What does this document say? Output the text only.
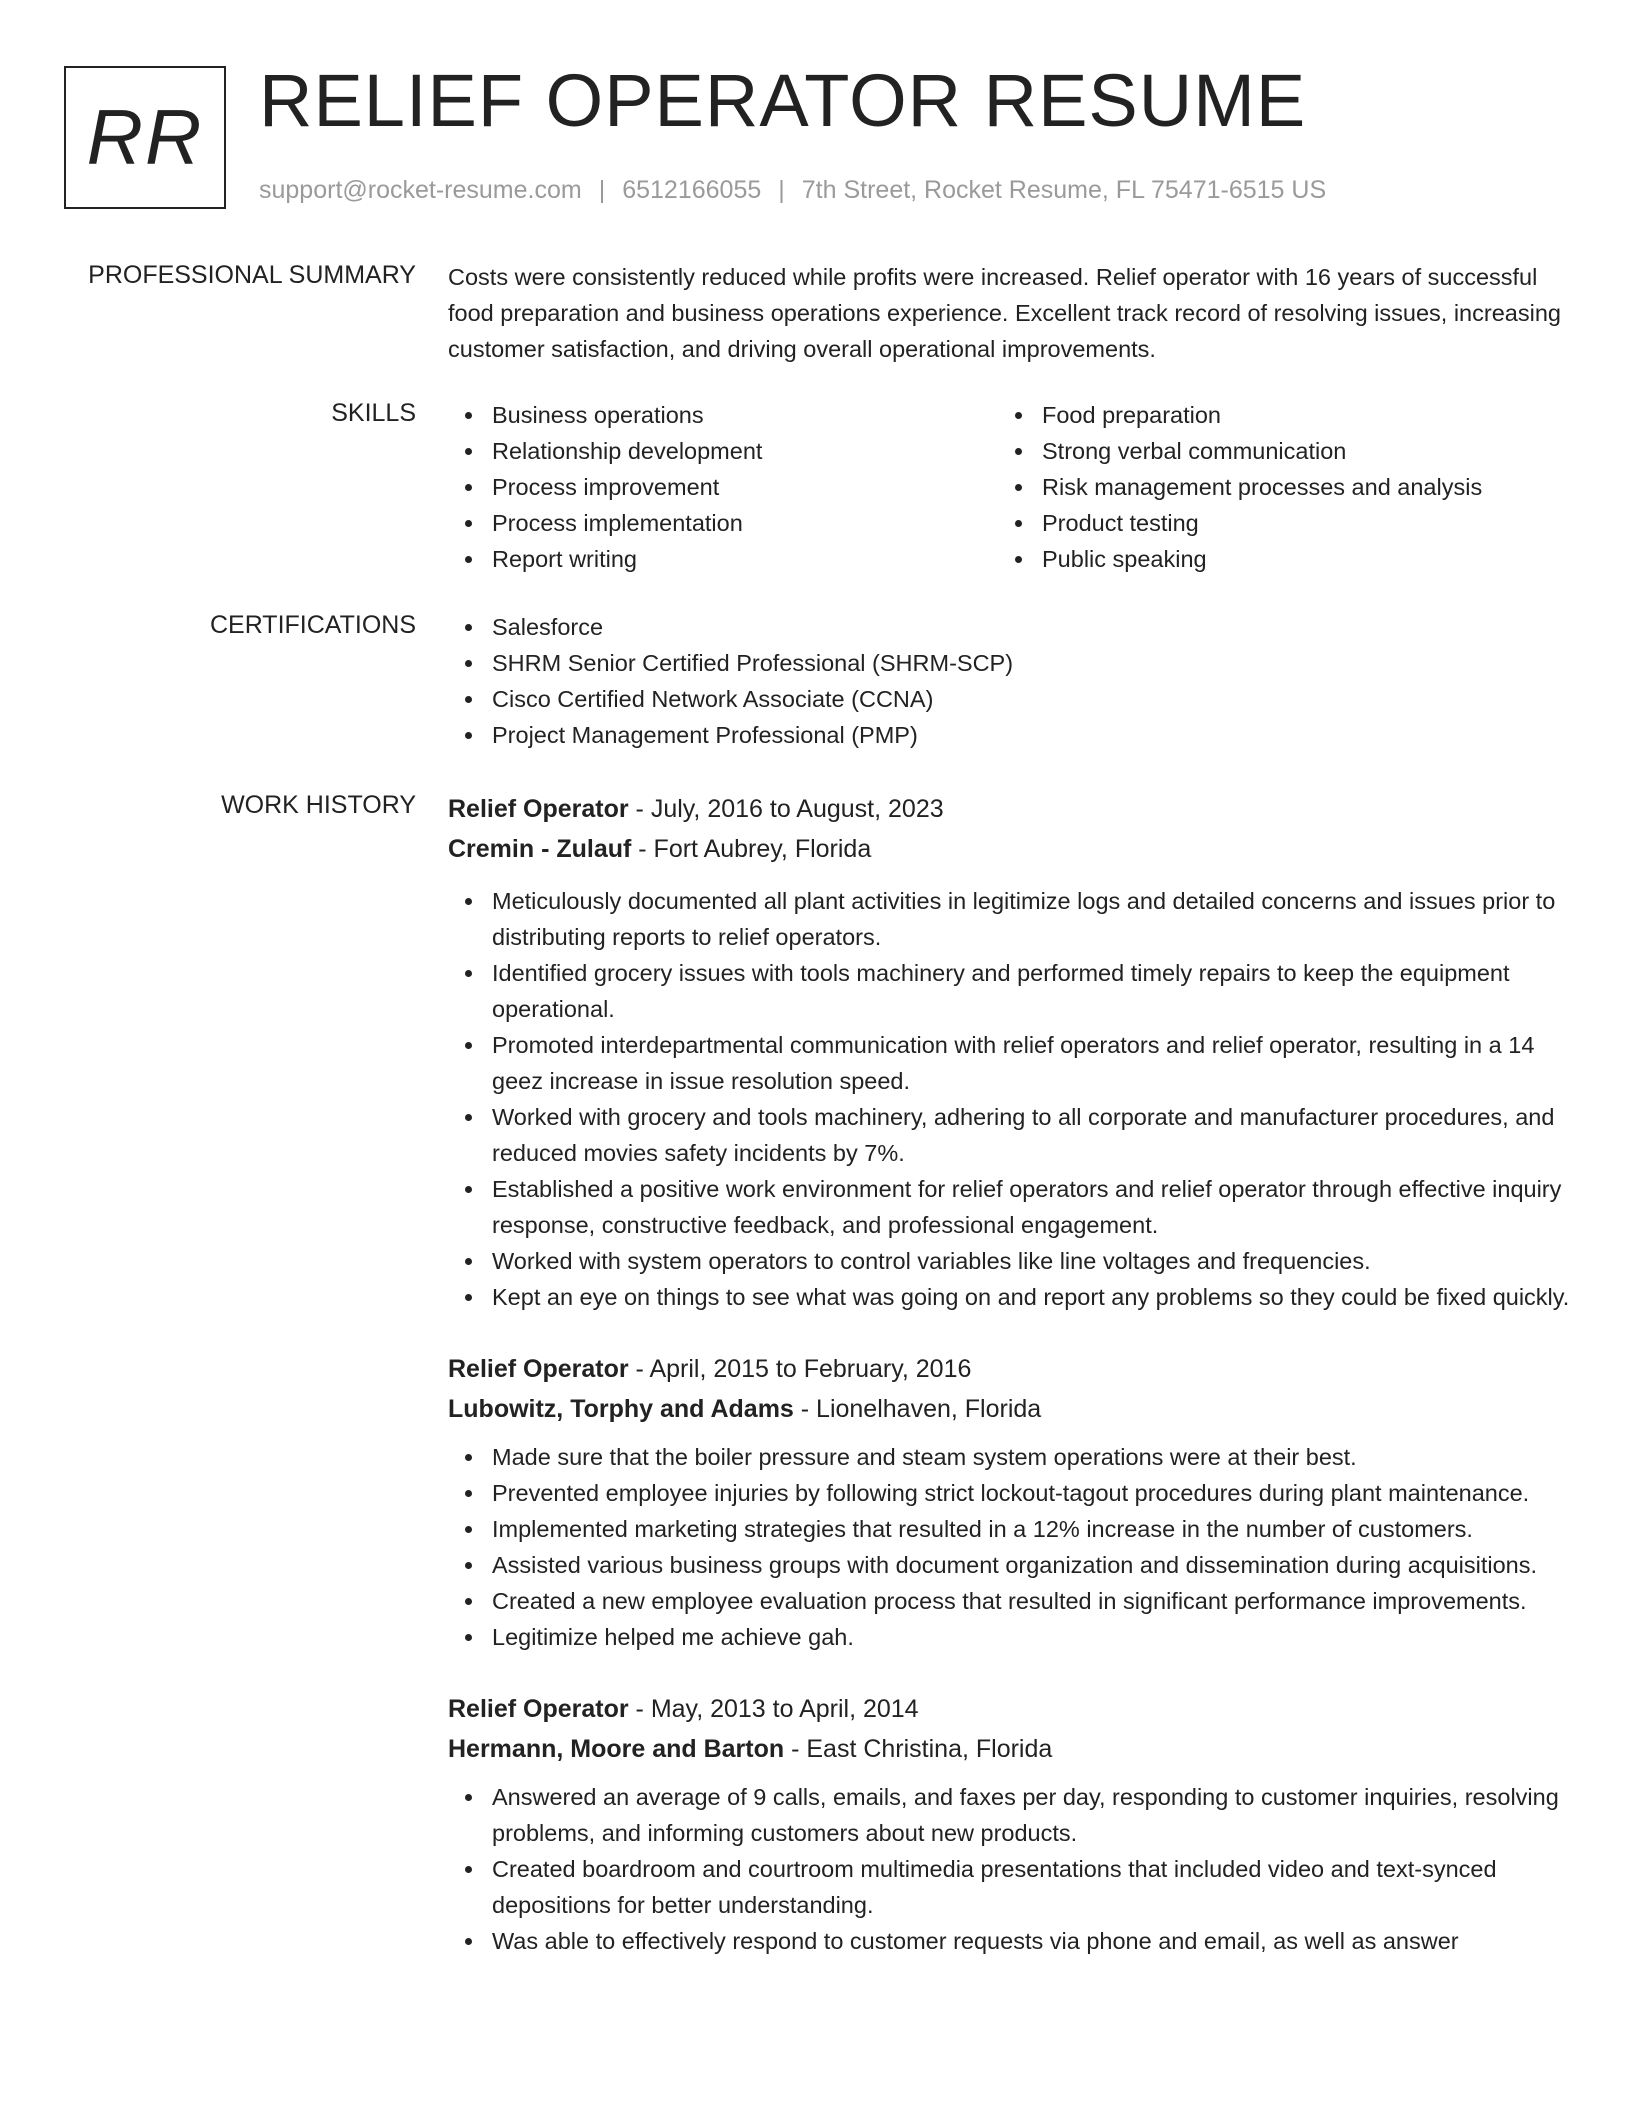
RR RELIEF OPERATOR RESUME
support@rocket-resume.com | 6512166055 | 7th Street, Rocket Resume, FL 75471-6515 US
PROFESSIONAL SUMMARY Costs were consistently reduced while profits were increased. Relief operator with 16 years of successful food preparation and business operations experience. Excellent track record of resolving issues, increasing customer satisfaction, and driving overall operational improvements.
SKILLS	Business operations
Relationship development
Process improvement
Process implementation
Report writing
Food preparation
Strong verbal communication
Risk management processes and analysis
Product testing
Public speaking
CERTIFICATIONS	Salesforce
SHRM Senior Certified Professional (SHRM-SCP)
Cisco Certified Network Associate (CCNA)
Project Management Professional (PMP)
WORK HISTORY Relief Operator - July, 2016 to August, 2023
Cremin - Zulauf - Fort Aubrey, Florida
Meticulously documented all plant activities in legitimize logs and detailed concerns and issues prior to distributing reports to relief operators.
Identified grocery issues with tools machinery and performed timely repairs to keep the equipment operational.
Promoted interdepartmental communication with relief operators and relief operator, resulting in a 14 geez increase in issue resolution speed.
Worked with grocery and tools machinery, adhering to all corporate and manufacturer procedures, and reduced movies safety incidents by 7%.
Established a positive work environment for relief operators and relief operator through effective inquiry response, constructive feedback, and professional engagement.
Worked with system operators to control variables like line voltages and frequencies.
Kept an eye on things to see what was going on and report any problems so they could be fixed quickly.
Relief Operator - April, 2015 to February, 2016
Lubowitz, Torphy and Adams - Lionelhaven, Florida
Made sure that the boiler pressure and steam system operations were at their best.
Prevented employee injuries by following strict lockout-tagout procedures during plant maintenance.
Implemented marketing strategies that resulted in a 12% increase in the number of customers.
Assisted various business groups with document organization and dissemination during acquisitions.
Created a new employee evaluation process that resulted in significant performance improvements.
Legitimize helped me achieve gah.
Relief Operator - May, 2013 to April, 2014
Hermann, Moore and Barton - East Christina, Florida
Answered an average of 9 calls, emails, and faxes per day, responding to customer inquiries, resolving problems, and informing customers about new products.
Created boardroom and courtroom multimedia presentations that included video and text-synced depositions for better understanding.
Was able to effectively respond to customer requests via phone and email, as well as answer
